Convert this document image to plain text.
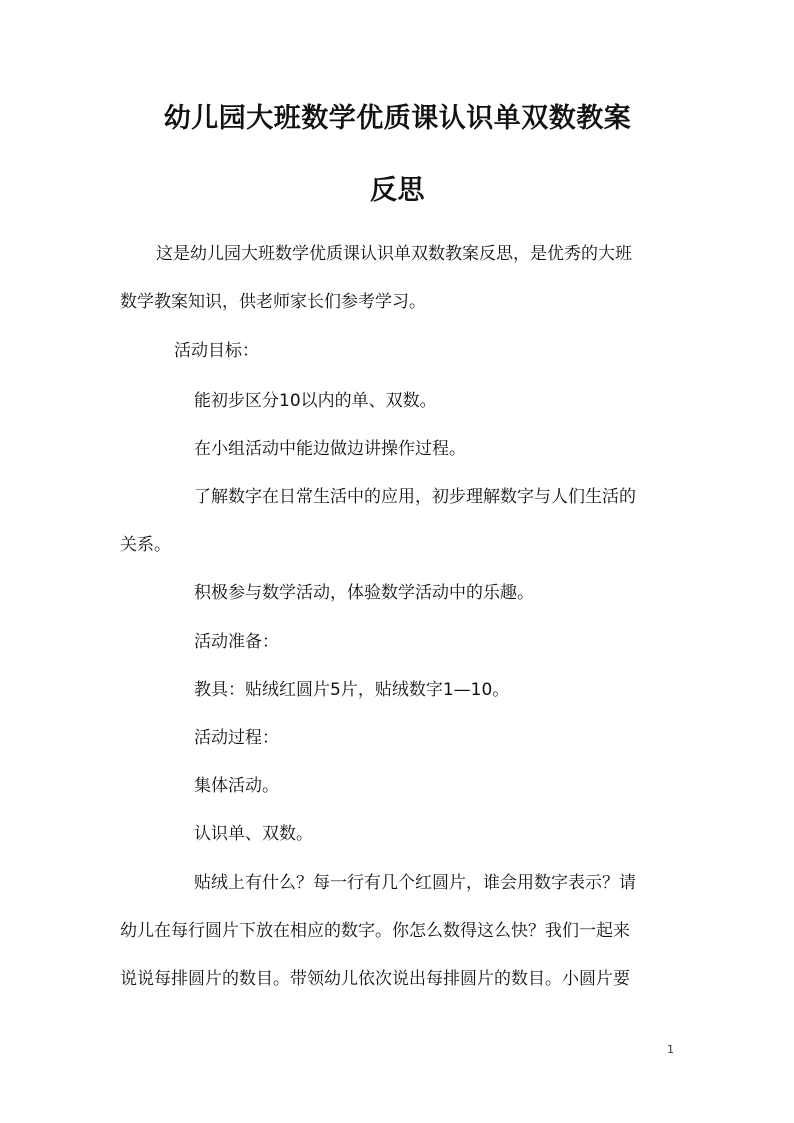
幼儿园大班数学优质课认识单双数教案
反思

这是幼儿园大班数学优质课认识单双数教案反思，是优秀的大班

数学教案知识，供老师家长们参考学习。

活动目标：

能初步区分10以内的单、双数。

在小组活动中能边做边讲操作过程。

了解数字在日常生活中的应用，初步理解数字与人们生活的

关系。

积极参与数学活动，体验数学活动中的乐趣。

活动准备：

教具：贴绒红圆片5片，贴绒数字1—10。

活动过程：

集体活动。

认识单、双数。

贴绒上有什么？每一行有几个红圆片，谁会用数字表示？请

幼儿在每行圆片下放在相应的数字。你怎么数得这么快？我们一起来

说说每排圆片的数目。带领幼儿依次说出每排圆片的数目。小圆片要

1
